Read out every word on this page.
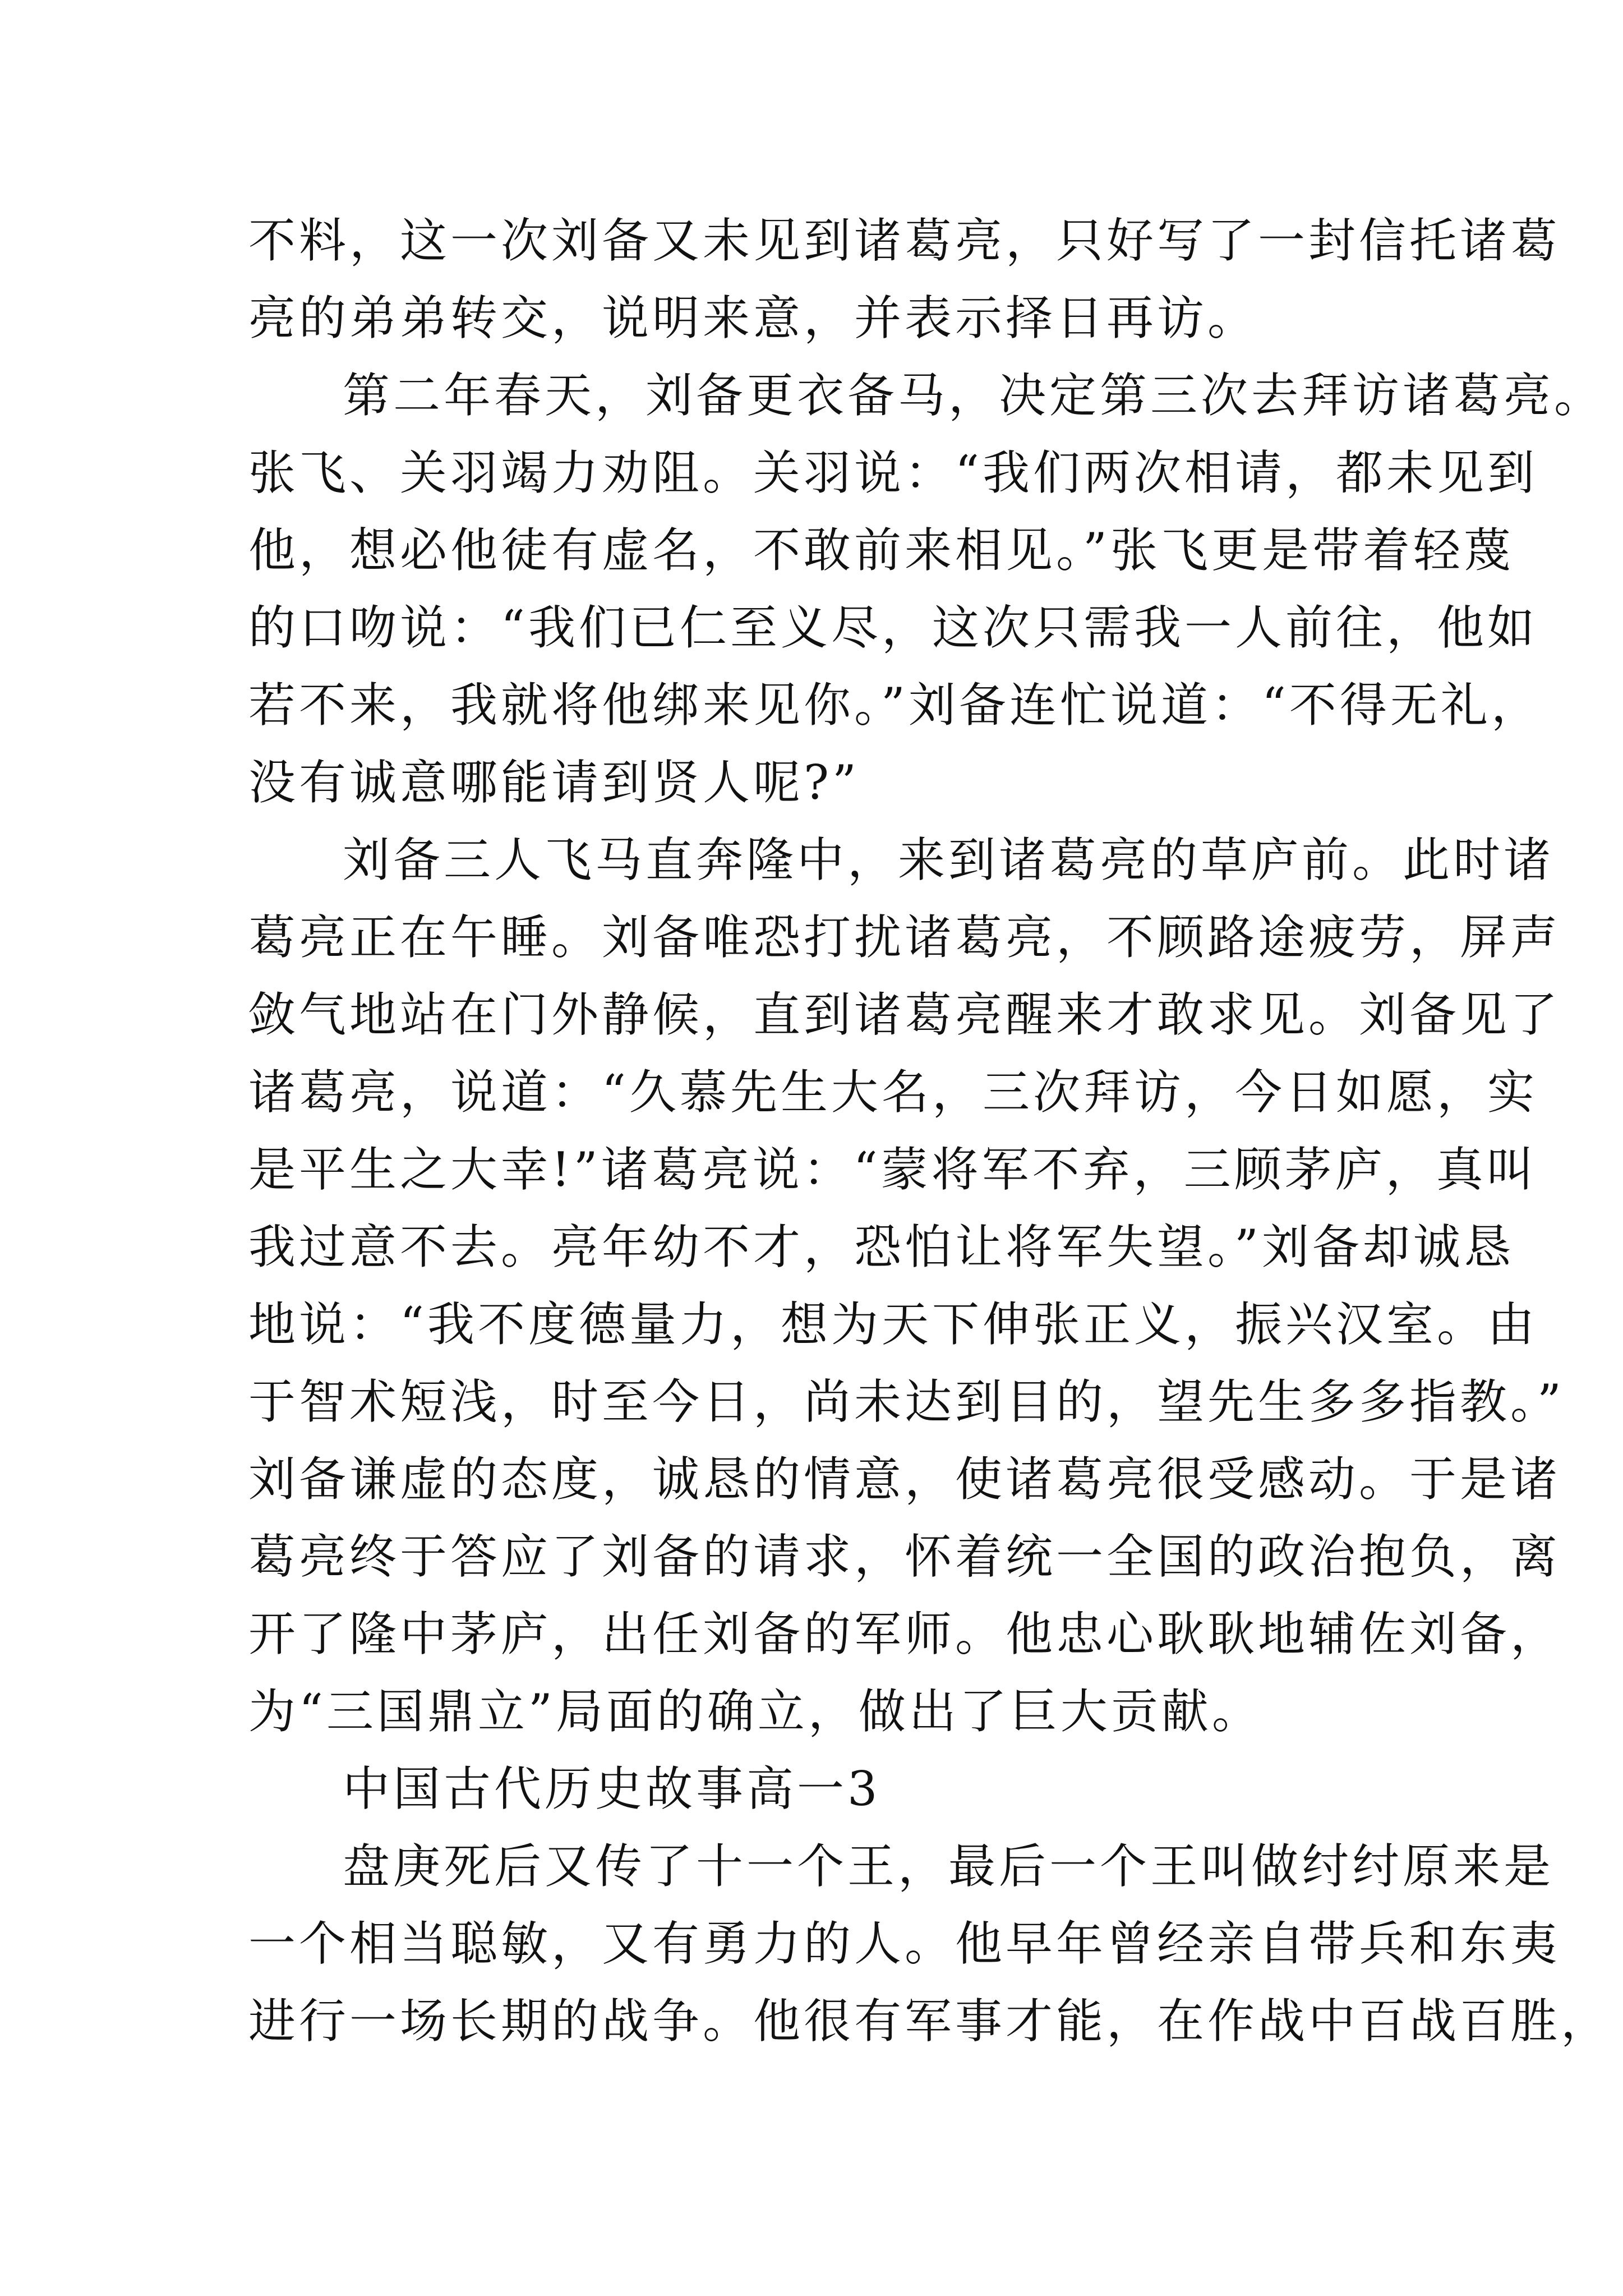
不料，这一次刘备又未见到诸葛亮，只好写了一封信托诸葛
亮的弟弟转交，说明来意，并表示择日再访。
第二年春天，刘备更衣备马，决定第三次去拜访诸葛亮。
张飞、关羽竭力劝阻。关羽说：“我们两次相请，都未见到
他，想必他徒有虚名，不敢前来相见。”张飞更是带着轻蔑
的口吻说：“我们已仁至义尽，这次只需我一人前往，他如
若不来，我就将他绑来见你。”刘备连忙说道：“不得无礼，
没有诚意哪能请到贤人呢?”
刘备三人飞马直奔隆中，来到诸葛亮的草庐前。此时诸
葛亮正在午睡。刘备唯恐打扰诸葛亮，不顾路途疲劳，屏声
敛气地站在门外静候，直到诸葛亮醒来才敢求见。刘备见了
诸葛亮，说道：“久慕先生大名，三次拜访，今日如愿，实
是平生之大幸!”诸葛亮说：“蒙将军不弃，三顾茅庐，真叫
我过意不去。亮年幼不才，恐怕让将军失望。”刘备却诚恳
地说：“我不度德量力，想为天下伸张正义，振兴汉室。由
于智术短浅，时至今日，尚未达到目的，望先生多多指教。”
刘备谦虚的态度，诚恳的情意，使诸葛亮很受感动。于是诸
葛亮终于答应了刘备的请求，怀着统一全国的政治抱负，离
开了隆中茅庐，出任刘备的军师。他忠心耿耿地辅佐刘备，
为“三国鼎立”局面的确立，做出了巨大贡献。
中国古代历史故事高一3
盘庚死后又传了十一个王，最后一个王叫做纣纣原来是
一个相当聪敏，又有勇力的人。他早年曾经亲自带兵和东夷
进行一场长期的战争。他很有军事才能，在作战中百战百胜，
